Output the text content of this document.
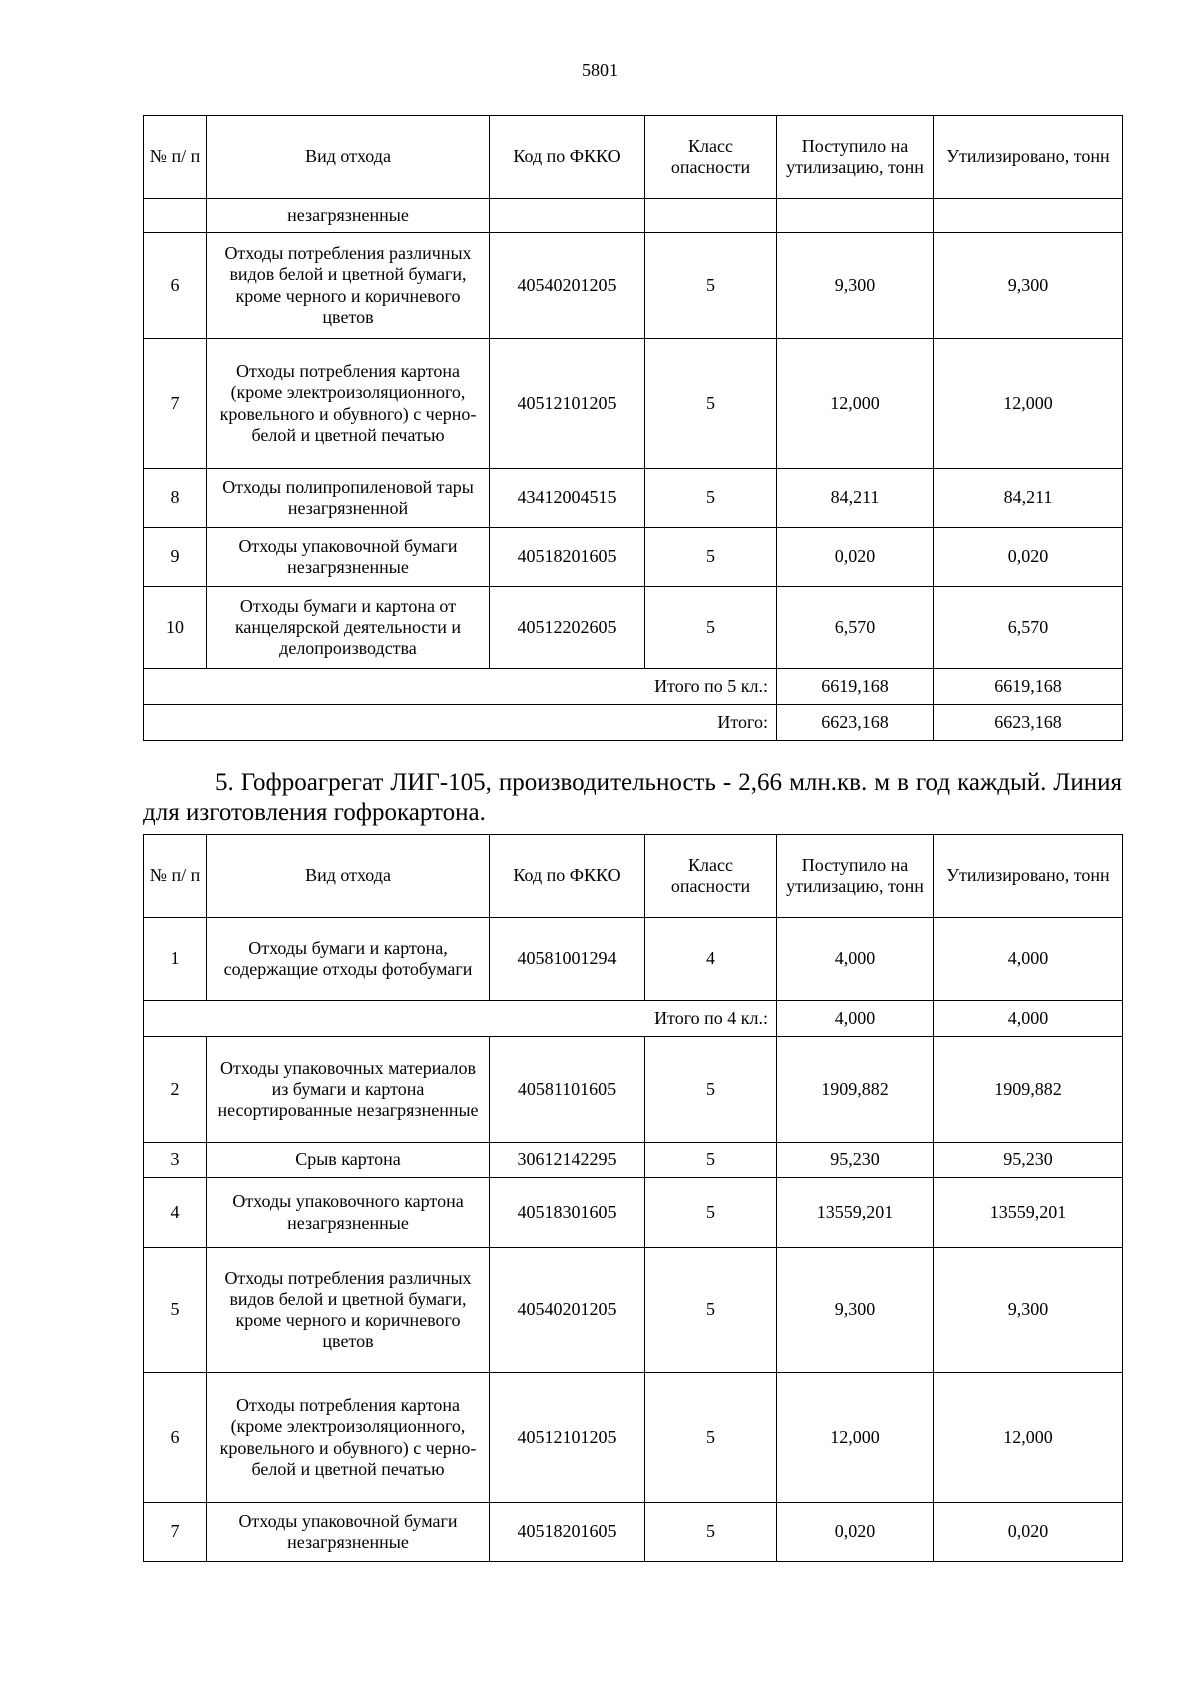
5801
№ п/ п	Вид отхода	Код по ФККО	Класс опасности	Поступило на утилизацию, тонн	Утилизировано, тонн
	незагрязненные				
6	Отходы потребления различных видов белой и цветной бумаги, кроме черного и коричневого цветов	40540201205	5	9,300	9,300
7	Отходы потребления картона (кроме электроизоляционного, кровельного и обувного) с черно-белой и цветной печатью	40512101205	5	12,000	12,000
8	Отходы полипропиленовой тары незагрязненной	43412004515	5	84,211	84,211
9	Отходы упаковочной бумаги незагрязненные	40518201605	5	0,020	0,020
10	Отходы бумаги и картона от канцелярской деятельности и делопроизводства	40512202605	5	6,570	6,570
Итого по 5 кл.:				6619,168	6619,168
Итого:				6623,168	6623,168
5. Гофроагрегат ЛИГ-105, производительность - 2,66 млн.кв. м в год каждый. Линия для изготовления гофрокартона.
№ п/ п	Вид отхода	Код по ФККО	Класс опасности	Поступило на утилизацию, тонн	Утилизировано, тонн
1	Отходы бумаги и картона, содержащие отходы фотобумаги	40581001294	4	4,000	4,000
Итого по 4 кл.:				4,000	4,000
2	Отходы упаковочных материалов из бумаги и картона несортированные незагрязненные	40581101605	5	1909,882	1909,882
3	Срыв картона	30612142295	5	95,230	95,230
4	Отходы упаковочного картона незагрязненные	40518301605	5	13559,201	13559,201
5	Отходы потребления различных видов белой и цветной бумаги, кроме черного и коричневого цветов	40540201205	5	9,300	9,300
6	Отходы потребления картона (кроме электроизоляционного, кровельного и обувного) с черно-белой и цветной печатью	40512101205	5	12,000	12,000
7	Отходы упаковочной бумаги незагрязненные	40518201605	5	0,020	0,020
